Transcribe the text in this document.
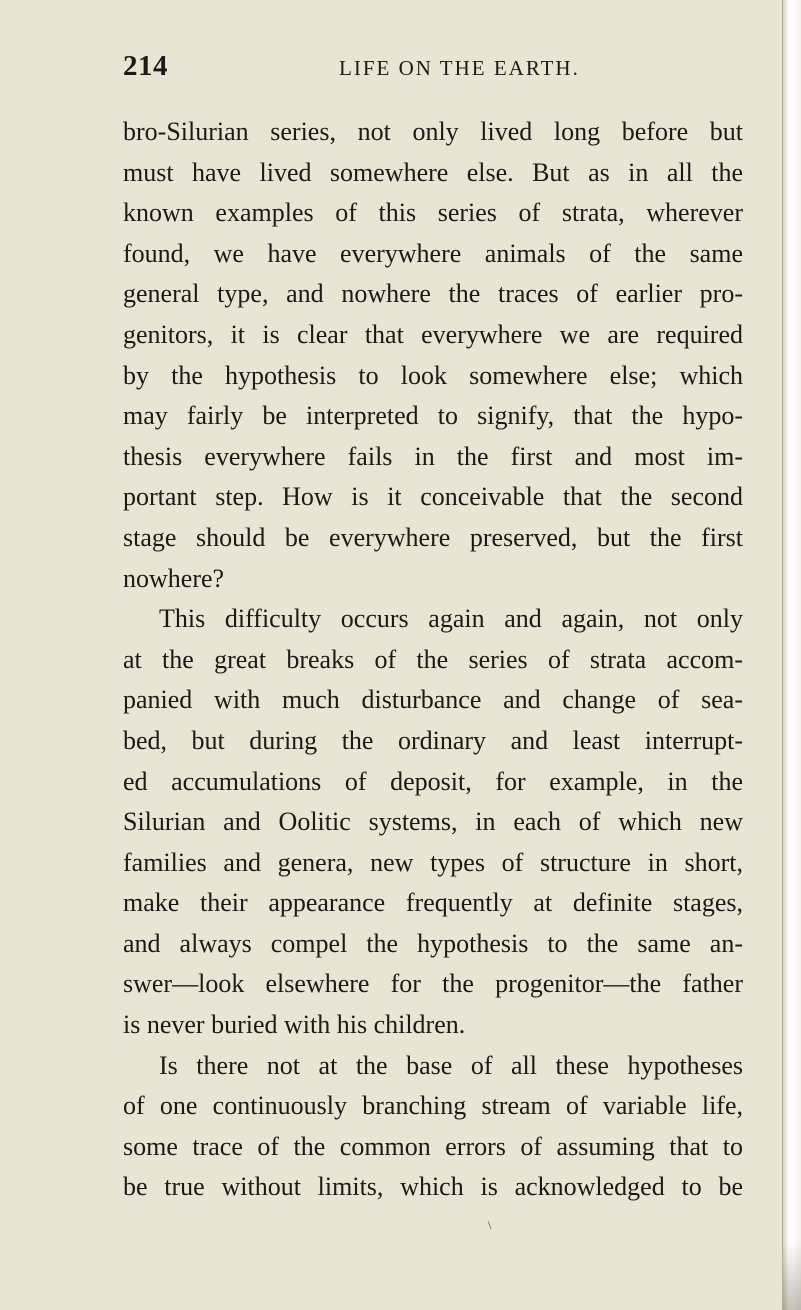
214	LIFE ON THE EARTH.
bro-Silurian series, not only lived long before but
must have lived somewhere else. But as in all the
known examples of this series of strata, wherever
found, we have everywhere animals of the same
general type, and nowhere the traces of earlier pro-
genitors, it is clear that everywhere we are required
by the hypothesis to look somewhere else; which
may fairly be interpreted to signify, that the hypo-
thesis everywhere fails in the first and most im-
portant step. How is it conceivable that the second
stage should be everywhere preserved, but the first
nowhere?
This difficulty occurs again and again, not only
at the great breaks of the series of strata accom-
panied with much disturbance and change of sea-
bed, but during the ordinary and least interrupt-
ed accumulations of deposit, for example, in the
Silurian and Oolitic systems, in each of which new
families and genera, new types of structure in short,
make their appearance frequently at definite stages,
and always compel the hypothesis to the same an-
swer—look elsewhere for the progenitor—the father
is never buried with his children.
Is there not at the base of all these hypotheses
of one continuously branching stream of variable life,
some trace of the common errors of assuming that to
be true without limits, which is acknowledged to be
\
